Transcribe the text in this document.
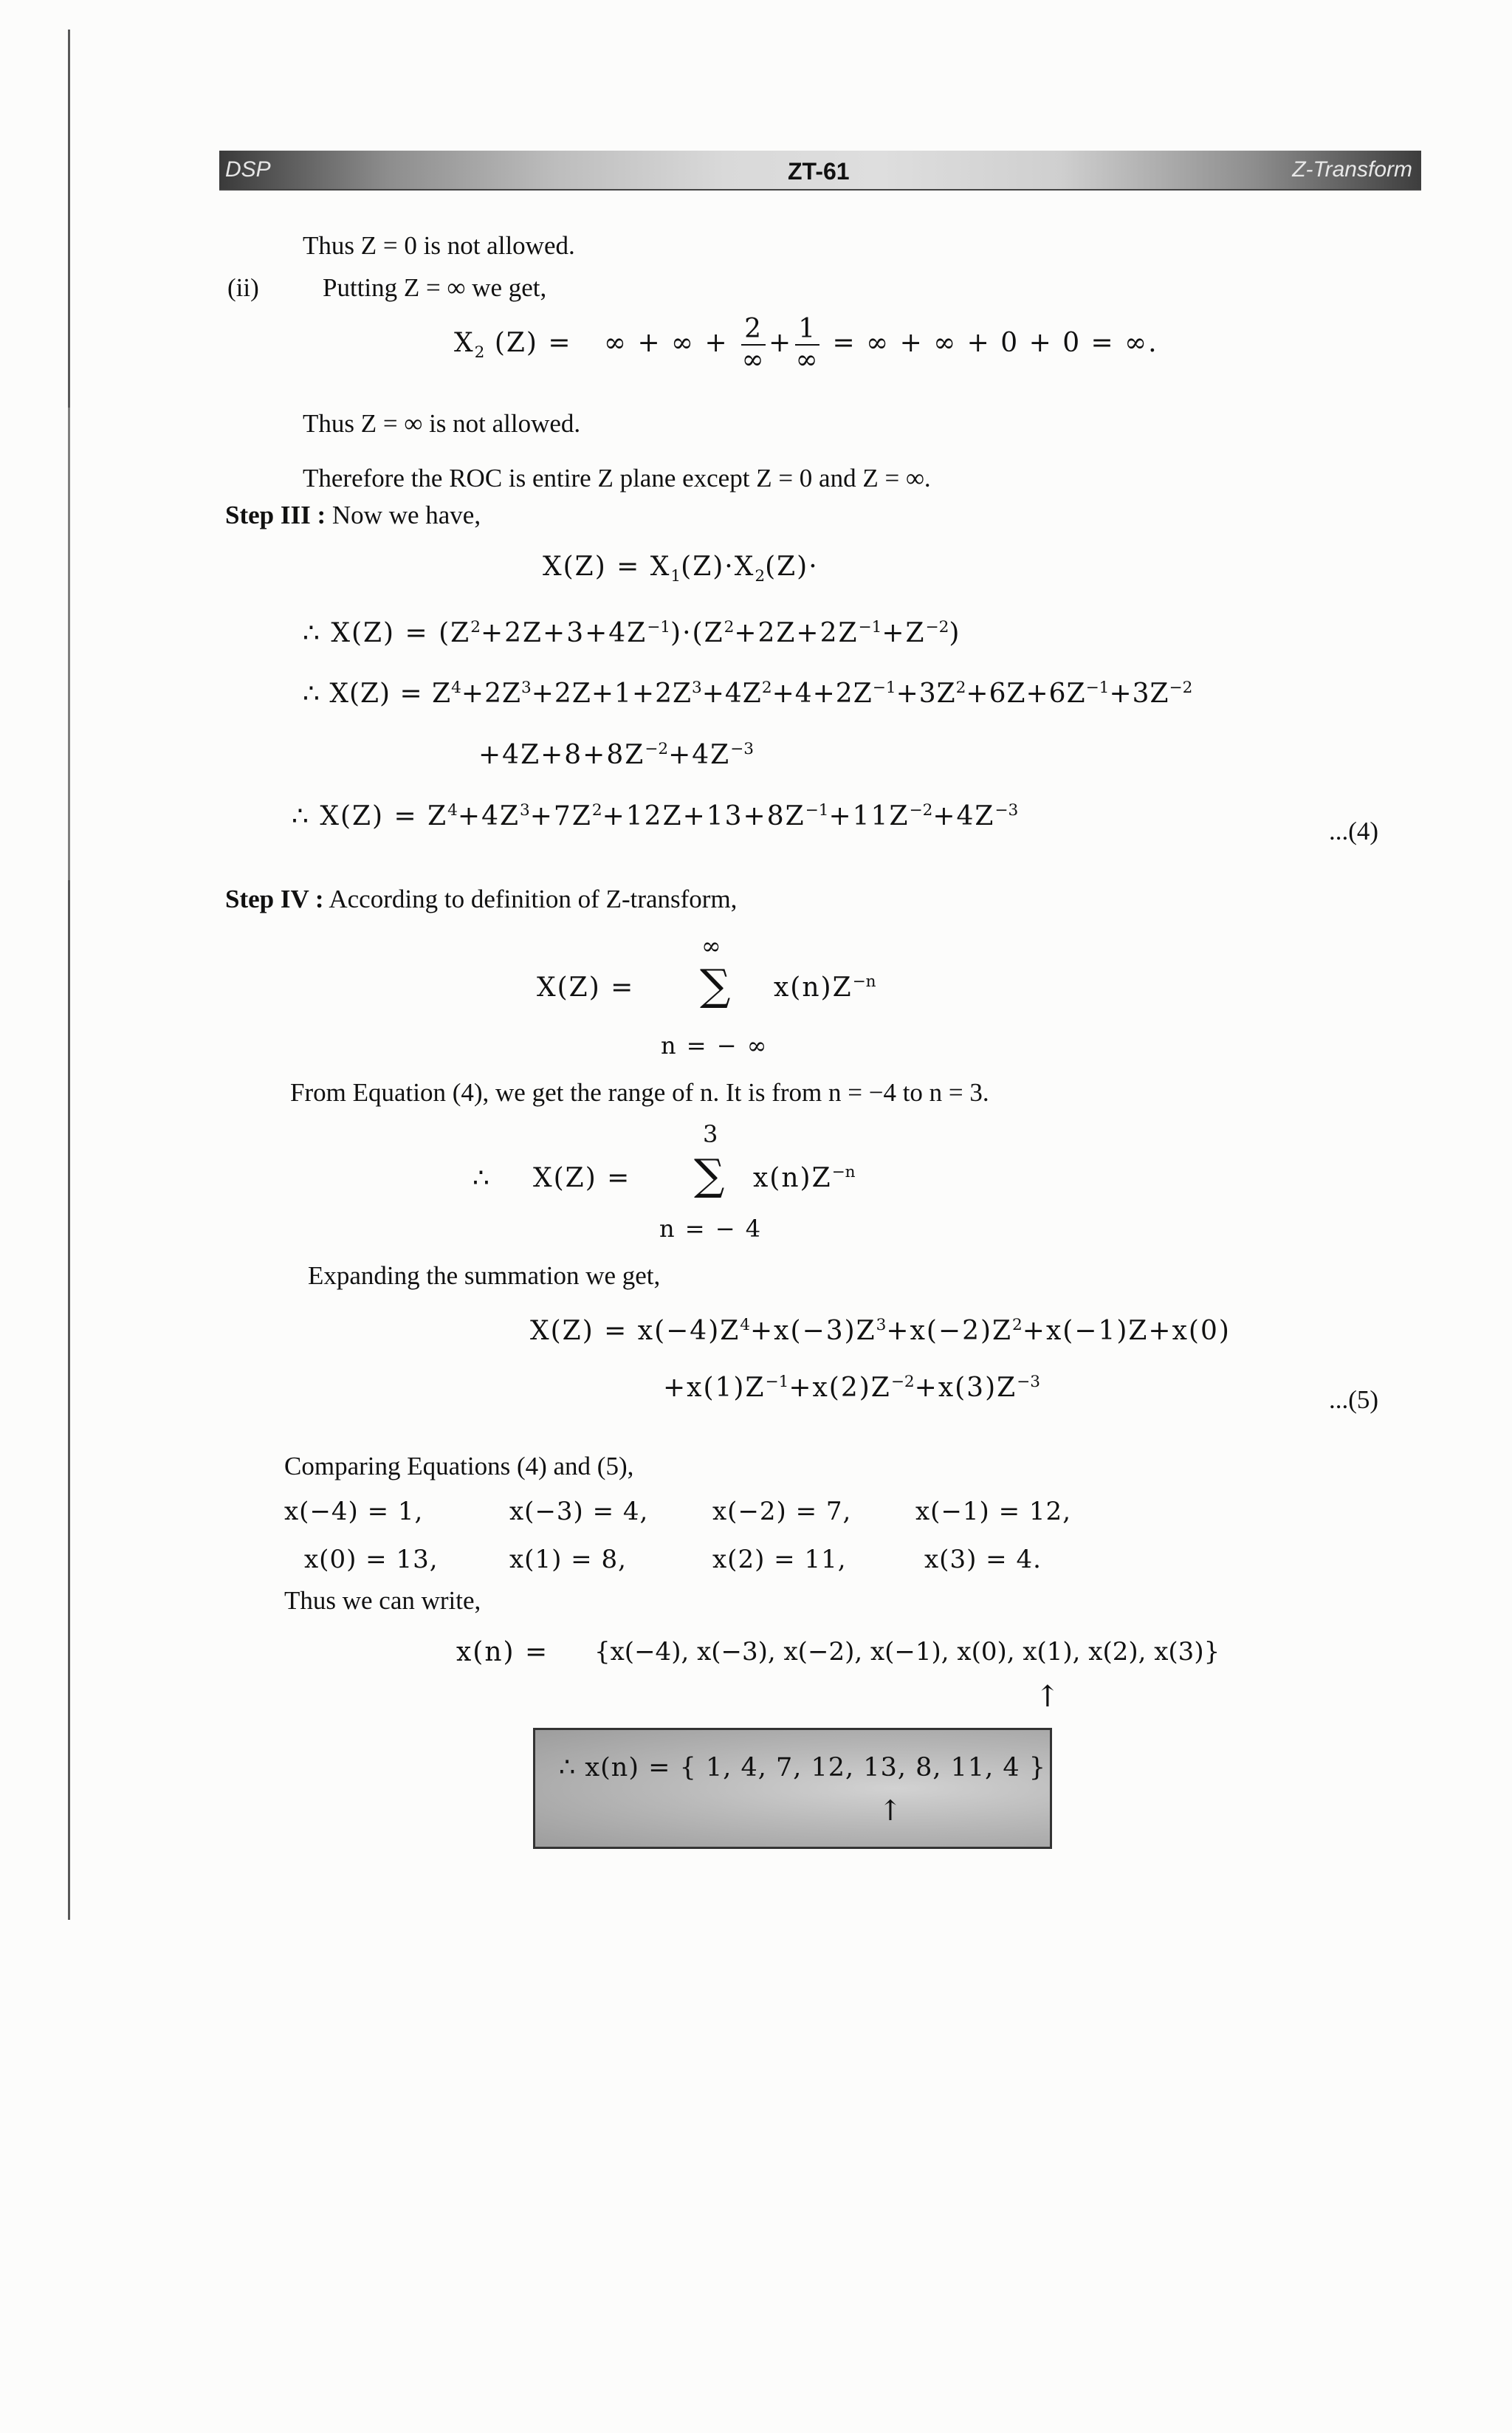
DSP	ZT-61	Z-Transform
Thus Z = 0 is not allowed.
(ii) Putting Z = ∞ we get,
$X_2$ (Z) = ∞ + ∞ + $\frac{2}{\infty} + \frac{1}{\infty}$ = ∞ + ∞ + 0 + 0 = ∞.
Thus Z = ∞ is not allowed.
Therefore the ROC is entire Z plane except Z = 0 and Z = ∞.
Step III : Now we have,
$X(Z) = X_1(Z)\cdot X_2(Z)\cdot$
∴ $X(Z) = (Z^2+2Z+3+4Z^{-1})\cdot(Z^2+2Z+2Z^{-1}+Z^{-2})$
∴ $X(Z) = Z^4+2Z^3+2Z+1+2Z^3+4Z^2+4+2Z^{-1}+3Z^2+6Z+6Z^{-1}+3Z^{-2}$
$+4Z+8+8Z^{-2}+4Z^{-3}$
∴ $X(Z) = Z^4+4Z^3+7Z^2+12Z+13+8Z^{-1}+11Z^{-2}+4Z^{-3}$
...(4)
Step IV : According to definition of Z-transform,
∞
X(Z) = ∑ $x(n)Z^{-n}$
n = − ∞
From Equation (4), we get the range of n. It is from n = −4 to n = 3.
3
∴ X(Z) = ∑ $x(n)Z^{-n}$
n = − 4
Expanding the summation we get,
$X(Z) = x(-4)Z^4+x(-3)Z^3+x(-2)Z^2+x(-1)Z+x(0)$
$+x(1)Z^{-1}+x(2)Z^{-2}+x(3)Z^{-3}$
...(5)
Comparing Equations (4) and (5),
x(−4) = 1,	x(−3) = 4,	x(−2) = 7,	x(−1) = 12,
x(0) = 13,	x(1) = 8,	x(2) = 11,	x(3) = 4.
Thus we can write,
x(n) = {x(−4), x(−3), x(−2), x(−1), x(0), x(1), x(2), x(3)}
↑
∴ x(n) = { 1, 4, 7, 12, 13, 8, 11, 4 }
↑
